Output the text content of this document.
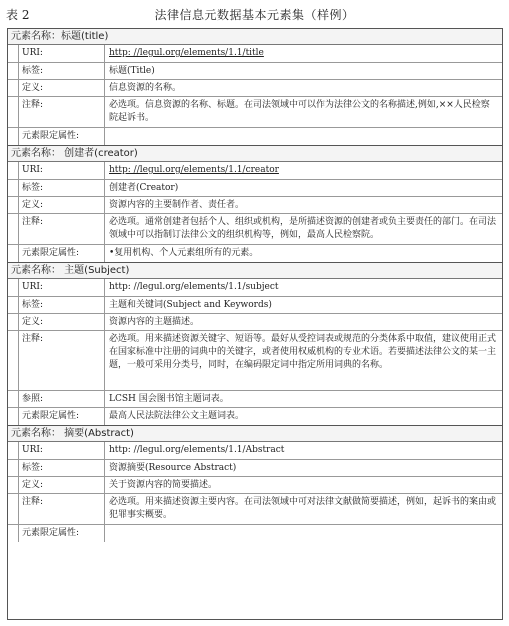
表 2	法律信息元数据基本元素集（样例）
元素名称：标题(title)
URI:	http: //legul.org/elements/1.1/title
标签:	标题(Title)
定义:	信息资源的名称。
注释:	必选项。信息资源的名称、标题。在司法领域中可以作为法律公文的名称描述,例如,××人民检察院起诉书。
元素限定属性:
元素名称： 创建者(creator)
URI:	http: //legul.org/elements/1.1/creator
标签:	创建者(Creator)
定义:	资源内容的主要制作者、责任者。
注释:	必选项。通常创建者包括个人、组织或机构，是所描述资源的创建者或负主要责任的部门。在司法领域中可以指制订法律公文的组织机构等，例如，最高人民检察院。
元素限定属性:	•复用机构、个人元素组所有的元素。
元素名称： 主题(Subject)
URI:	http: //legul.org/elements/1.1/subject
标签:	主题和关键词(Subject and Keywords)
定义:	资源内容的主题描述。
注释:	必选项。用来描述资源关键字、短语等。最好从受控词表或规范的分类体系中取值，建议使用正式在国家标准中注册的词典中的关键字，或者使用权威机构的专业术语。若要描述法律公文的某一主题，一般可采用分类号，同时，在编码限定词中指定所用词典的名称。
参照:	LCSH 国会图书馆主题词表。
元素限定属性:	最高人民法院法律公文主题词表。
元素名称： 摘要(Abstract)
URI:	http: //legul.org/elements/1.1/Abstract
标签:	资源摘要(Resource Abstract)
定义:	关于资源内容的简要描述。
注释:	必选项。用来描述资源主要内容。在司法领域中可对法律文献做简要描述，例如，起诉书的案由或犯罪事实概要。
元素限定属性:
